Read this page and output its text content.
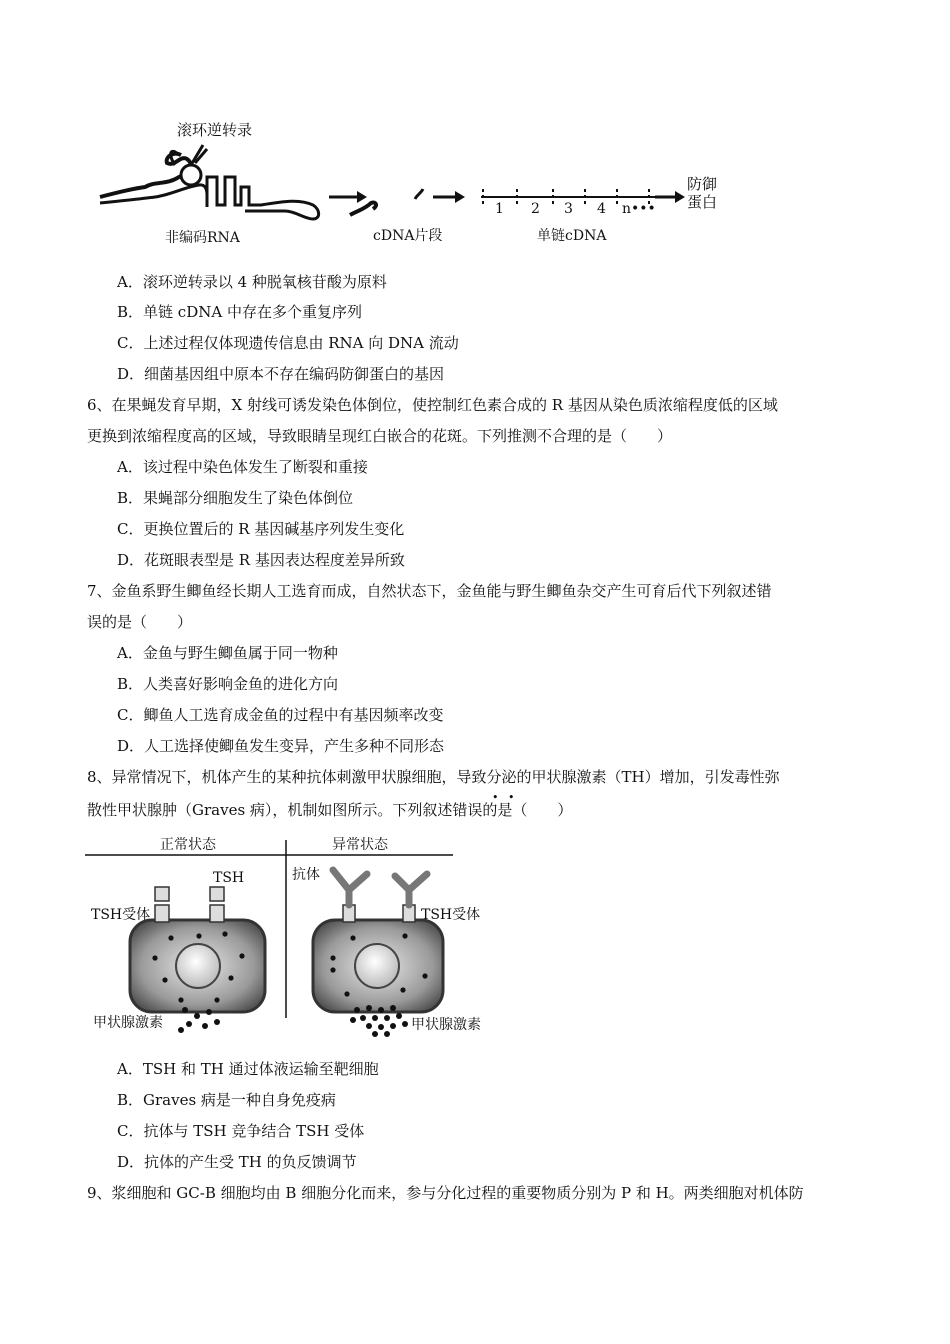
滚环逆转录
1 2 3 4 n•••
防御
蛋白
非编码RNA	cDNA片段	单链cDNA
A．滚环逆转录以 4 种脱氧核苷酸为原料
B．单链 cDNA 中存在多个重复序列
C．上述过程仅体现遗传信息由 RNA 向 DNA 流动
D．细菌基因组中原本不存在编码防御蛋白的基因
6、在果蝇发育早期，X 射线可诱发染色体倒位，使控制红色素合成的 R 基因从染色质浓缩程度低的区域
更换到浓缩程度高的区域，导致眼睛呈现红白嵌合的花斑。下列推测不合理的是（　　）
A．该过程中染色体发生了断裂和重接
B．果蝇部分细胞发生了染色体倒位
C．更换位置后的 R 基因碱基序列发生变化
D．花斑眼表型是 R 基因表达程度差异所致
7、金鱼系野生鲫鱼经长期人工选育而成，自然状态下，金鱼能与野生鲫鱼杂交产生可育后代下列叙述错
误的是（　　）
A．金鱼与野生鲫鱼属于同一物种
B．人类喜好影响金鱼的进化方向
C．鲫鱼人工选育成金鱼的过程中有基因频率改变
D．人工选择使鲫鱼发生变异，产生多种不同形态
8、异常情况下，机体产生的某种抗体刺激甲状腺细胞，导致分泌的甲状腺激素（TH）增加，引发毒性弥
散性甲状腺肿（Graves 病），机制如图所示。下列叙述错误的是（　　）
• •
正常状态	异常状态
TSH
TSH受体
抗体
TSH受体
甲状腺激素	甲状腺激素
A．TSH 和 TH 通过体液运输至靶细胞
B．Graves 病是一种自身免疫病
C．抗体与 TSH 竞争结合 TSH 受体
D．抗体的产生受 TH 的负反馈调节
9、浆细胞和 GC-B 细胞均由 B 细胞分化而来，参与分化过程的重要物质分别为 P 和 H。两类细胞对机体防
